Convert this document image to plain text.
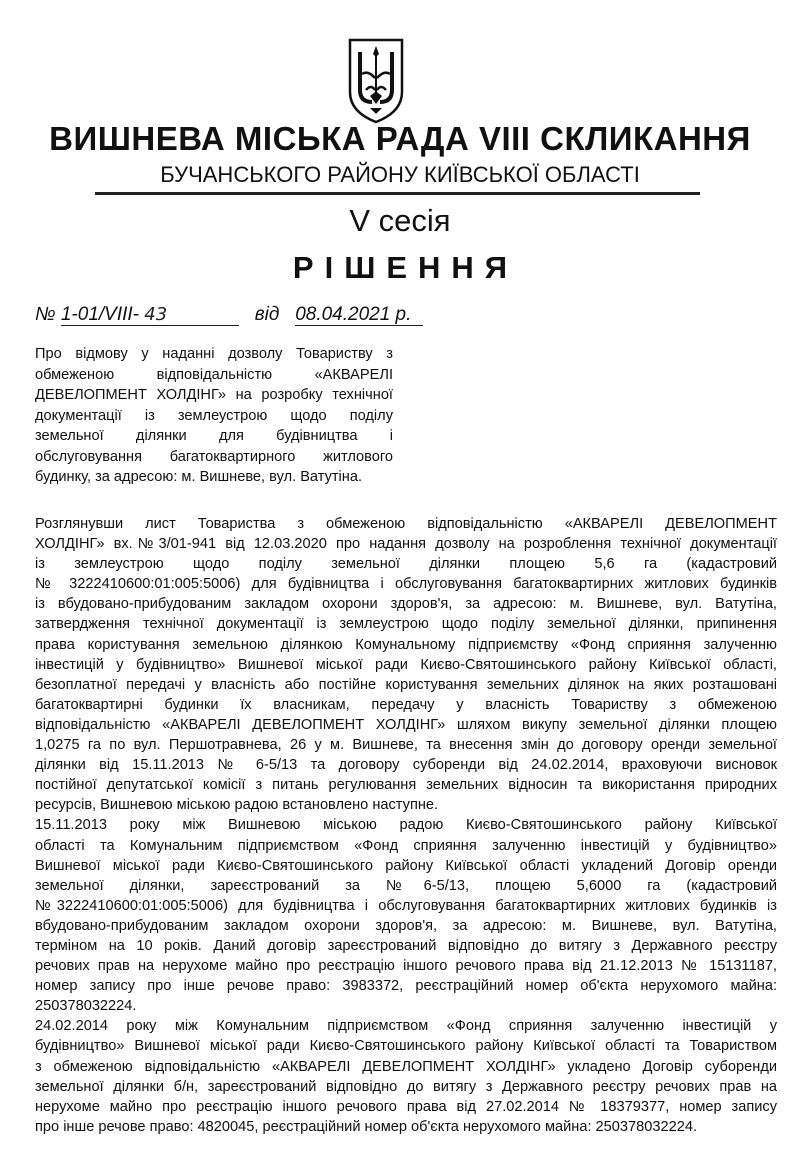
ВИШНЕВА МІСЬКА РАДА VIII СКЛИКАННЯ
БУЧАНСЬКОГО РАЙОНУ КИЇВСЬКОЇ ОБЛАСТІ
V сесія
РІШЕННЯ
№ 1-01/VIII- 43	від 08.04.2021 р.
Про відмову у наданні дозволу Товариству з
обмеженою відповідальністю «АКВАРЕЛІ
ДЕВЕЛОПМЕНТ ХОЛДІНГ» на розробку технічної
документації із землеустрою щодо поділу
земельної ділянки для будівництва і
обслуговування багатоквартирного житлового
будинку, за адресою: м. Вишневе, вул. Ватутіна.
Розглянувши лист Товариства з обмеженою відповідальністю «АКВАРЕЛІ ДЕВЕЛОПМЕНТ
ХОЛДІНГ» вх.№3/01-941 від 12.03.2020 про надання дозволу на розроблення технічної документації
із землеустрою щодо поділу земельної ділянки площею 5,6 га (кадастровий
№ 3222410600:01:005:5006) для будівництва і обслуговування багатоквартирних житлових будинків
із вбудовано-прибудованим закладом охорони здоров'я, за адресою: м. Вишневе, вул. Ватутіна,
затвердження технічної документації із землеустрою щодо поділу земельної ділянки, припинення
права користування земельною ділянкою Комунальному підприємству «Фонд сприяння залученню
інвестицій у будівництво» Вишневої міської ради Києво-Святошинського району Київської області,
безоплатної передачі у власність або постійне користування земельних ділянок на яких розташовані
багатоквартирні будинки їх власникам, передачу у власність Товариству з обмеженою
відповідальністю «АКВАРЕЛІ ДЕВЕЛОПМЕНТ ХОЛДІНГ» шляхом викупу земельної ділянки площею
1,0275 га по вул. Першотравнева, 26 у м. Вишневе, та внесення змін до договору оренди земельної
ділянки від 15.11.2013 № 6-5/13 та договору суборенди від 24.02.2014, враховуючи висновок
постійної депутатської комісії з питань регулювання земельних відносин та використання природних
ресурсів, Вишневою міською радою встановлено наступне.
15.11.2013 року між Вишневою міською радою Києво-Святошинського району Київської
області та Комунальним підприємством «Фонд сприяння залученню інвестицій у будівництво»
Вишневої міської ради Києво-Святошинського району Київської області укладений Договір оренди
земельної ділянки, зареєстрований за №6-5/13, площею 5,6000 га (кадастровий
№3222410600:01:005:5006) для будівництва і обслуговування багатоквартирних житлових будинків із
вбудовано-прибудованим закладом охорони здоров'я, за адресою: м. Вишневе, вул. Ватутіна,
терміном на 10 років. Даний договір зареєстрований відповідно до витягу з Державного реєстру
речових прав на нерухоме майно про реєстрацію іншого речового права від 21.12.2013 № 15131187,
номер запису про інше речове право: 3983372, реєстраційний номер об'єкта нерухомого майна:
250378032224.
24.02.2014 року між Комунальним підприємством «Фонд сприяння залученню інвестицій у
будівництво» Вишневої міської ради Києво-Святошинського району Київської області та Товариством
з обмеженою відповідальністю «АКВАРЕЛІ ДЕВЕЛОПМЕНТ ХОЛДІНГ» укладено Договір суборенди
земельної ділянки б/н, зареєстрований відповідно до витягу з Державного реєстру речових прав на
нерухоме майно про реєстрацію іншого речового права від 27.02.2014 № 18379377, номер запису
про інше речове право: 4820045, реєстраційний номер об'єкта нерухомого майна: 250378032224.
